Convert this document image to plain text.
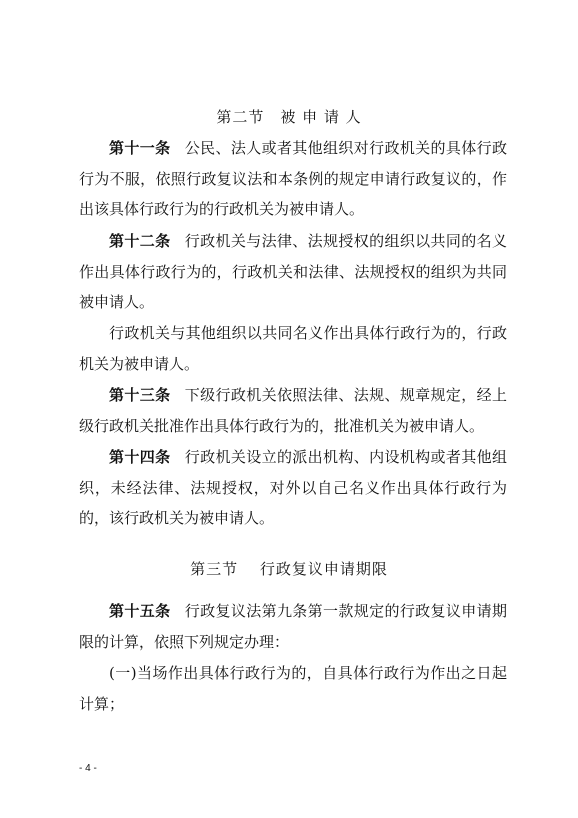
第二节　被 申 请 人

第十一条 公民、法人或者其他组织对行政机关的具体行政行为不服，依照行政复议法和本条例的规定申请行政复议的，作出该具体行政行为的行政机关为被申请人。

第十二条 行政机关与法律、法规授权的组织以共同的名义作出具体行政行为的，行政机关和法律、法规授权的组织为共同被申请人。

行政机关与其他组织以共同名义作出具体行政行为的，行政机关为被申请人。

第十三条 下级行政机关依照法律、法规、规章规定，经上级行政机关批准作出具体行政行为的，批准机关为被申请人。

第十四条 行政机关设立的派出机构、内设机构或者其他组织，未经法律、法规授权，对外以自己名义作出具体行政行为的，该行政机关为被申请人。

第三节　 行政复议申请期限

第十五条 行政复议法第九条第一款规定的行政复议申请期限的计算，依照下列规定办理：

(一)当场作出具体行政行为的，自具体行政行为作出之日起计算；

- 4 -
